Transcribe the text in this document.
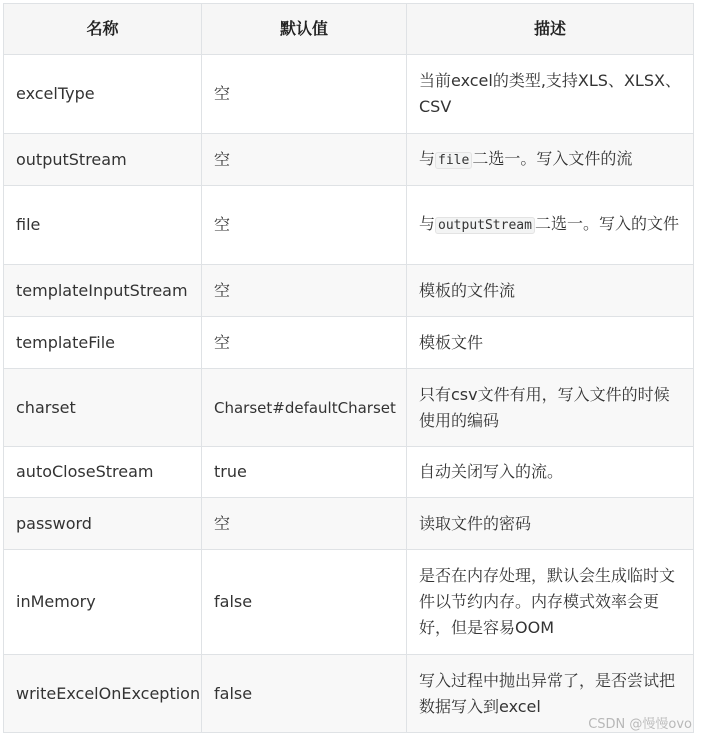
名称	默认值	描述
excelType	空	当前excel的类型,支持XLS、XLSX、CSV
outputStream	空	与 file 二选一。写入文件的流
file	空	与 outputStream 二选一。写入的文件
templateInputStream	空	模板的文件流
templateFile	空	模板文件
charset	Charset#defaultCharset	只有csv文件有用，写入文件的时候使用的编码
autoCloseStream	true	自动关闭写入的流。
password	空	读取文件的密码
inMemory	false	是否在内存处理，默认会生成临时文件以节约内存。内存模式效率会更好，但是容易OOM
writeExcelOnException	false	写入过程中抛出异常了，是否尝试把数据写入到excel
CSDN @慢慢ovo
